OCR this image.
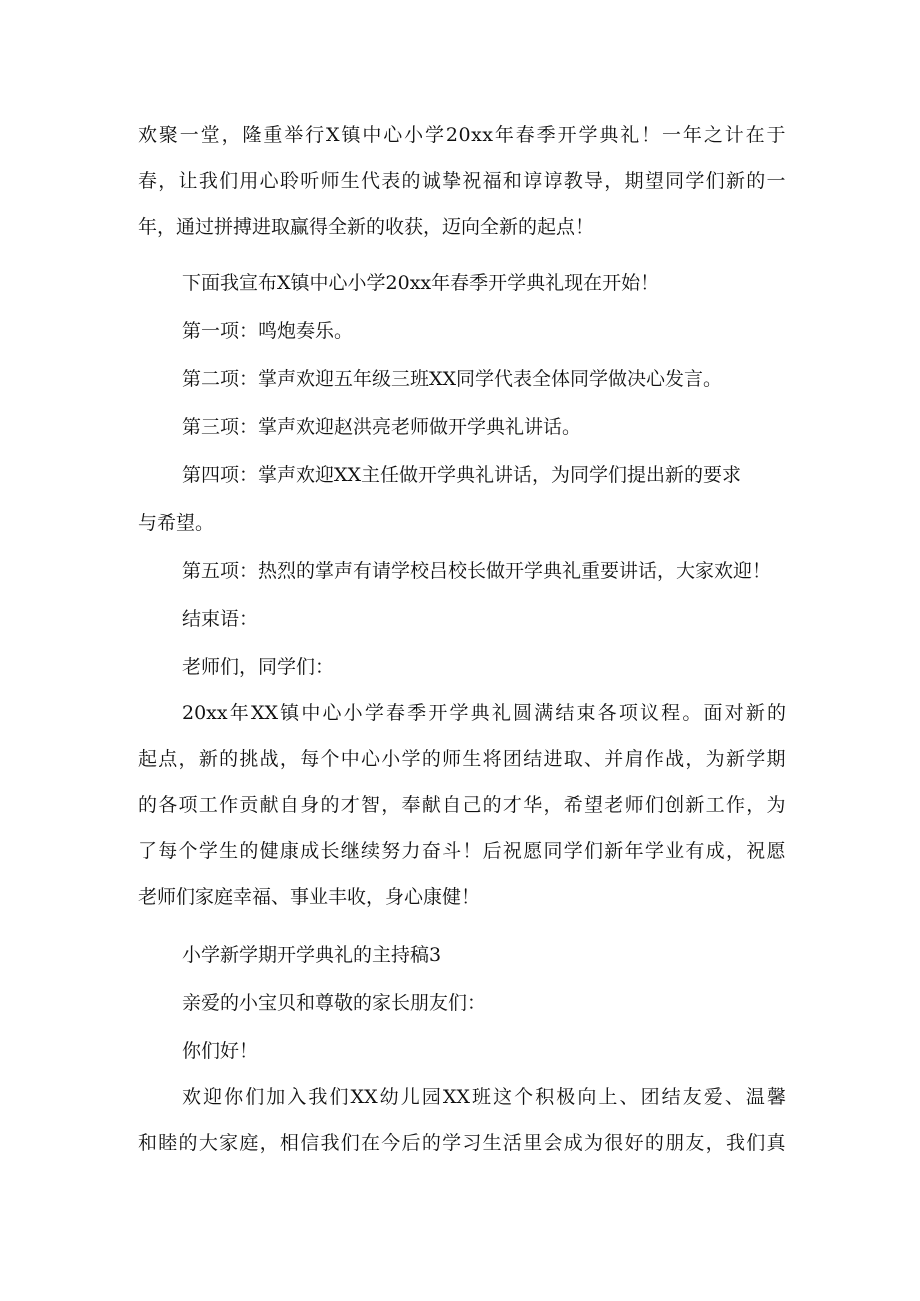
欢聚一堂，隆重举行X镇中心小学20xx年春季开学典礼！一年之计在于
春，让我们用心聆听师生代表的诚挚祝福和谆谆教导，期望同学们新的一
年，通过拼搏进取赢得全新的收获，迈向全新的起点！
下面我宣布X镇中心小学20xx年春季开学典礼现在开始！
第一项：鸣炮奏乐。
第二项：掌声欢迎五年级三班XX同学代表全体同学做决心发言。
第三项：掌声欢迎赵洪亮老师做开学典礼讲话。
第四项：掌声欢迎XX主任做开学典礼讲话，为同学们提出新的要求
与希望。
第五项：热烈的掌声有请学校吕校长做开学典礼重要讲话，大家欢迎！
结束语：
老师们，同学们：
20xx年XX镇中心小学春季开学典礼圆满结束各项议程。面对新的
起点，新的挑战，每个中心小学的师生将团结进取、并肩作战，为新学期
的各项工作贡献自身的才智，奉献自己的才华，希望老师们创新工作，为
了每个学生的健康成长继续努力奋斗！后祝愿同学们新年学业有成，祝愿
老师们家庭幸福、事业丰收，身心康健！
小学新学期开学典礼的主持稿3
亲爱的小宝贝和尊敬的家长朋友们：
你们好！
欢迎你们加入我们XX幼儿园XX班这个积极向上、团结友爱、温馨
和睦的大家庭，相信我们在今后的学习生活里会成为很好的朋友，我们真
